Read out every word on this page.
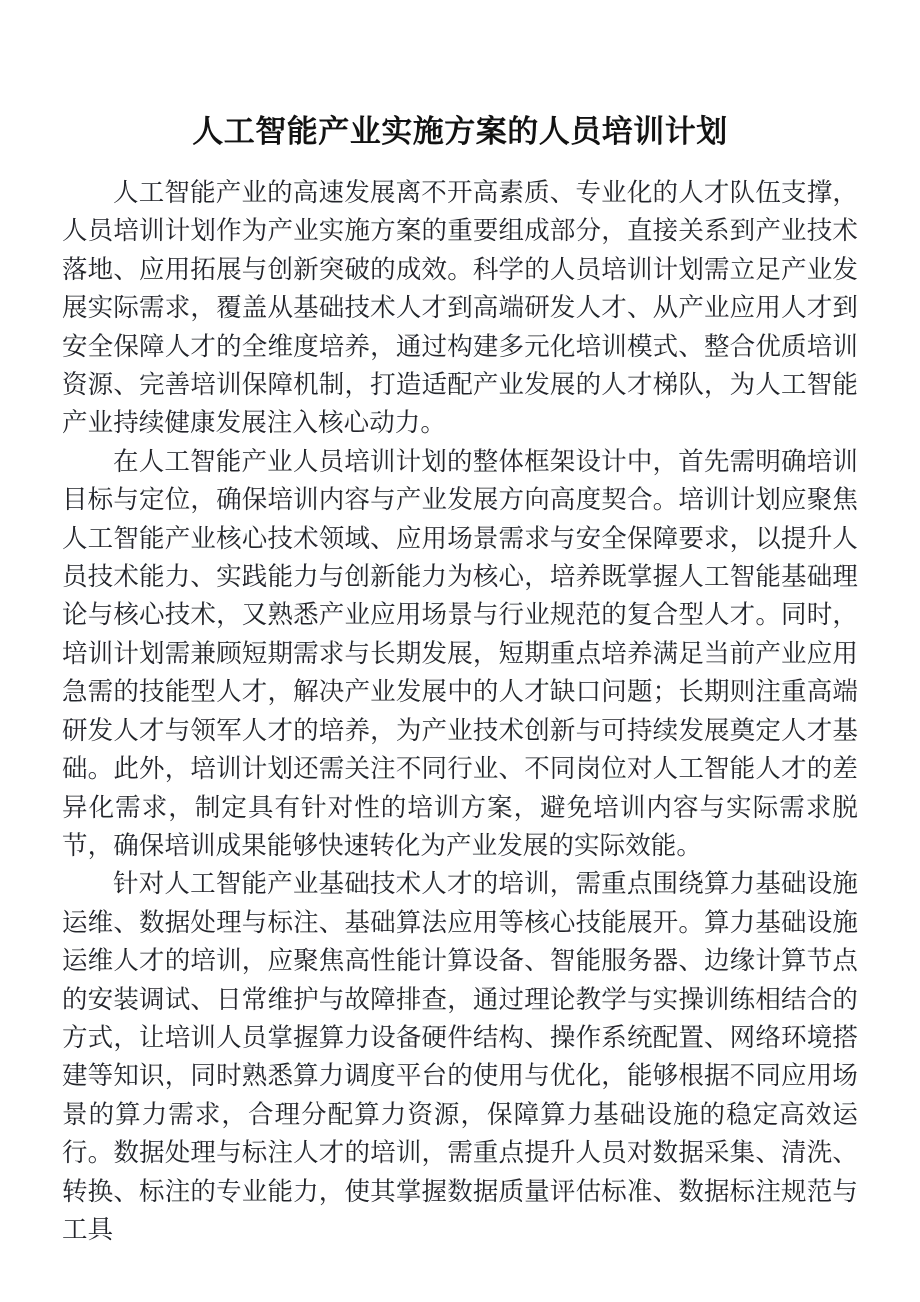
人工智能产业实施方案的人员培训计划

人工智能产业的高速发展离不开高素质、专业化的人才队伍支撑，人员培训计划作为产业实施方案的重要组成部分，直接关系到产业技术落地、应用拓展与创新突破的成效。科学的人员培训计划需立足产业发展实际需求，覆盖从基础技术人才到高端研发人才、从产业应用人才到安全保障人才的全维度培养，通过构建多元化培训模式、整合优质培训资源、完善培训保障机制，打造适配产业发展的人才梯队，为人工智能产业持续健康发展注入核心动力。

在人工智能产业人员培训计划的整体框架设计中，首先需明确培训目标与定位，确保培训内容与产业发展方向高度契合。培训计划应聚焦人工智能产业核心技术领域、应用场景需求与安全保障要求，以提升人员技术能力、实践能力与创新能力为核心，培养既掌握人工智能基础理论与核心技术，又熟悉产业应用场景与行业规范的复合型人才。同时，培训计划需兼顾短期需求与长期发展，短期重点培养满足当前产业应用急需的技能型人才，解决产业发展中的人才缺口问题；长期则注重高端研发人才与领军人才的培养，为产业技术创新与可持续发展奠定人才基础。此外，培训计划还需关注不同行业、不同岗位对人工智能人才的差异化需求，制定具有针对性的培训方案，避免培训内容与实际需求脱节，确保培训成果能够快速转化为产业发展的实际效能。

针对人工智能产业基础技术人才的培训，需重点围绕算力基础设施运维、数据处理与标注、基础算法应用等核心技能展开。算力基础设施运维人才的培训，应聚焦高性能计算设备、智能服务器、边缘计算节点的安装调试、日常维护与故障排查，通过理论教学与实操训练相结合的方式，让培训人员掌握算力设备硬件结构、操作系统配置、网络环境搭建等知识，同时熟悉算力调度平台的使用与优化，能够根据不同应用场景的算力需求，合理分配算力资源，保障算力基础设施的稳定高效运行。数据处理与标注人才的培训，需重点提升人员对数据采集、清洗、转换、标注的专业能力，使其掌握数据质量评估标准、数据标注规范与工具
